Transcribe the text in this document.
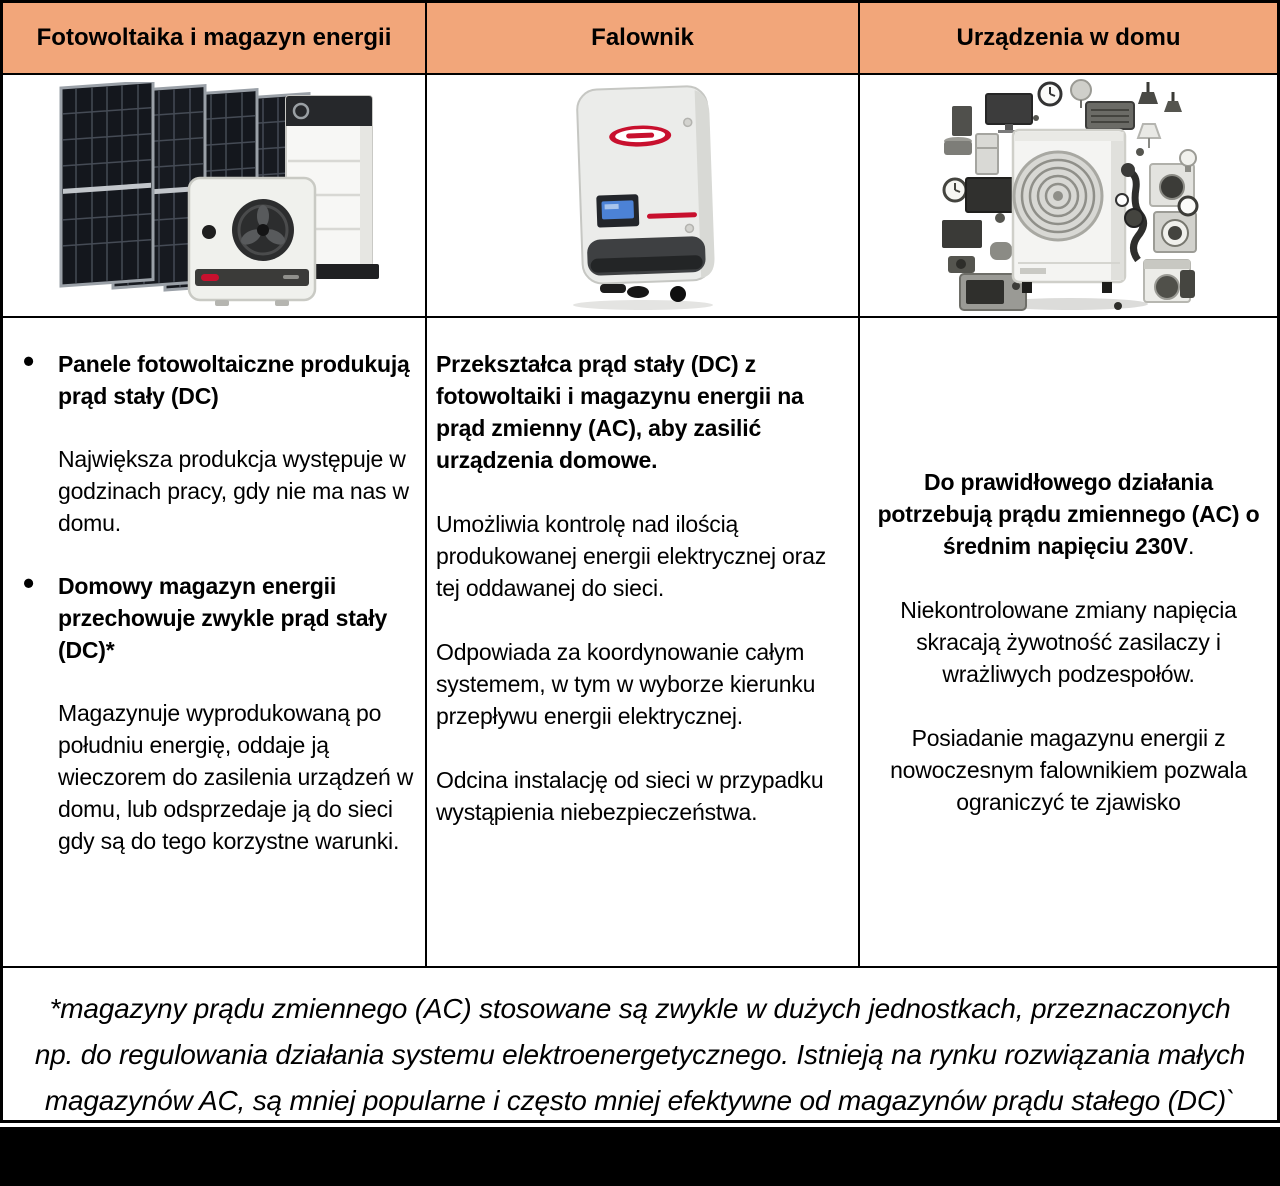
Fotowoltaika i magazyn energii	Falownik	Urządzenia w domu
• Panele fotowoltaiczne produkują prąd stały (DC)
Największa produkcja występuje w godzinach pracy, gdy nie ma nas w domu.
• Domowy magazyn energii przechowuje zwykle prąd stały (DC)*
Magazynuje wyprodukowaną po południu energię, oddaje ją wieczorem do zasilenia urządzeń w domu, lub odsprzedaje ją do sieci gdy są do tego korzystne warunki.

Przekształca prąd stały (DC) z fotowoltaiki i magazynu energii na prąd zmienny (AC), aby zasilić urządzenia domowe.

Umożliwia kontrolę nad ilością produkowanej energii elektrycznej oraz tej oddawanej do sieci.

Odpowiada za koordynowanie całym systemem, w tym w wyborze kierunku przepływu energii elektrycznej.

Odcina instalację od sieci w przypadku wystąpienia niebezpieczeństwa.

Do prawidłowego działania potrzebują prądu zmiennego (AC) o średnim napięciu 230V.

Niekontrolowane zmiany napięcia skracają żywotność zasilaczy i wrażliwych podzespołów.

Posiadanie magazynu energii z nowoczesnym falownikiem pozwala ograniczyć te zjawisko

*magazyny prądu zmiennego (AC) stosowane są zwykle w dużych jednostkach, przeznaczonych np. do regulowania działania systemu elektroenergetycznego. Istnieją na rynku rozwiązania małych magazynów AC, są mniej popularne i często mniej efektywne od magazynów prądu stałego (DC)`
